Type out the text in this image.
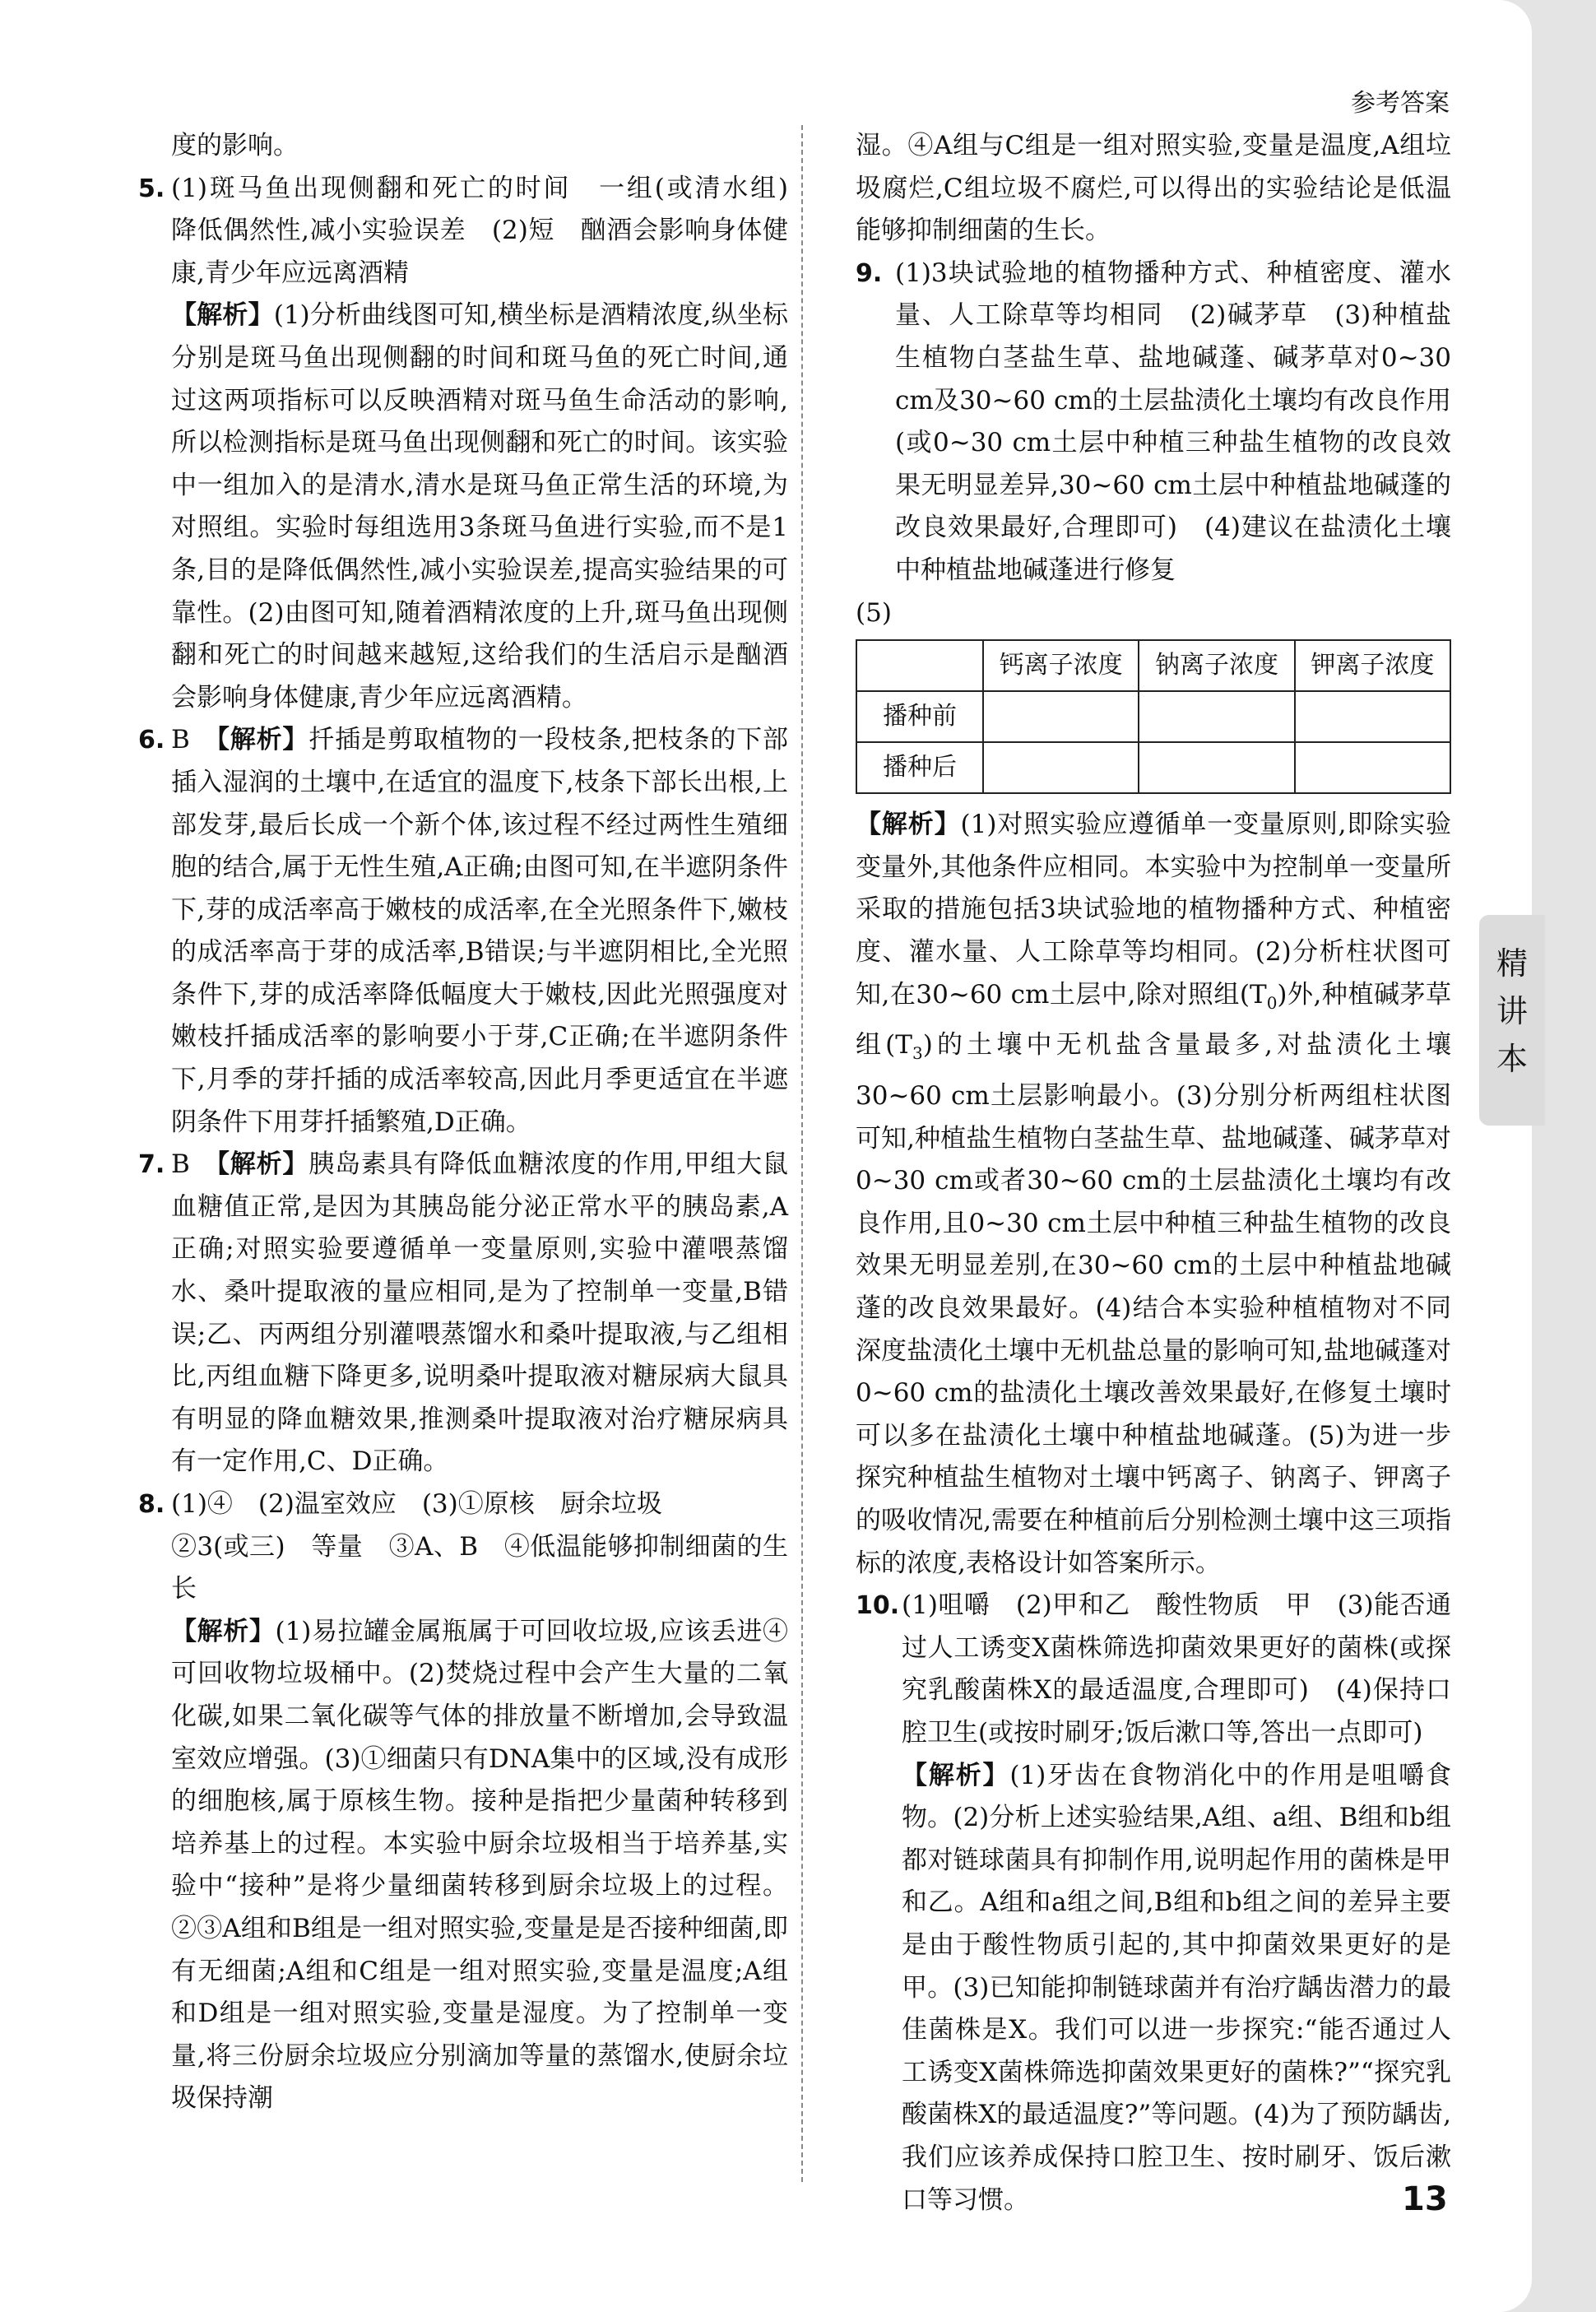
参考答案
度的影响。
5. (1)斑马鱼出现侧翻和死亡的时间　一组(或清水组)　降低偶然性,减小实验误差　(2)短　酗酒会影响身体健康,青少年应远离酒精
【解析】(1)分析曲线图可知,横坐标是酒精浓度,纵坐标分别是斑马鱼出现侧翻的时间和斑马鱼的死亡时间,通过这两项指标可以反映酒精对斑马鱼生命活动的影响,所以检测指标是斑马鱼出现侧翻和死亡的时间。该实验中一组加入的是清水,清水是斑马鱼正常生活的环境,为对照组。实验时每组选用3条斑马鱼进行实验,而不是1条,目的是降低偶然性,减小实验误差,提高实验结果的可靠性。(2)由图可知,随着酒精浓度的上升,斑马鱼出现侧翻和死亡的时间越来越短,这给我们的生活启示是酗酒会影响身体健康,青少年应远离酒精。
6. B　【解析】扦插是剪取植物的一段枝条,把枝条的下部插入湿润的土壤中,在适宜的温度下,枝条下部长出根,上部发芽,最后长成一个新个体,该过程不经过两性生殖细胞的结合,属于无性生殖,A正确;由图可知,在半遮阴条件下,芽的成活率高于嫩枝的成活率,在全光照条件下,嫩枝的成活率高于芽的成活率,B错误;与半遮阴相比,全光照条件下,芽的成活率降低幅度大于嫩枝,因此光照强度对嫩枝扦插成活率的影响要小于芽,C正确;在半遮阴条件下,月季的芽扦插的成活率较高,因此月季更适宜在半遮阴条件下用芽扦插繁殖,D正确。
7. B　【解析】胰岛素具有降低血糖浓度的作用,甲组大鼠血糖值正常,是因为其胰岛能分泌正常水平的胰岛素,A正确;对照实验要遵循单一变量原则,实验中灌喂蒸馏水、桑叶提取液的量应相同,是为了控制单一变量,B错误;乙、丙两组分别灌喂蒸馏水和桑叶提取液,与乙组相比,丙组血糖下降更多,说明桑叶提取液对糖尿病大鼠具有明显的降血糖效果,推测桑叶提取液对治疗糖尿病具有一定作用,C、D正确。
8. (1)④　(2)温室效应　(3)①原核　厨余垃圾
②3(或三)　等量　③A、B　④低温能够抑制细菌的生长
【解析】(1)易拉罐金属瓶属于可回收垃圾,应该丢进④可回收物垃圾桶中。(2)焚烧过程中会产生大量的二氧化碳,如果二氧化碳等气体的排放量不断增加,会导致温室效应增强。(3)①细菌只有DNA集中的区域,没有成形的细胞核,属于原核生物。接种是指把少量菌种转移到培养基上的过程。本实验中厨余垃圾相当于培养基,实验中“接种”是将少量细菌转移到厨余垃圾上的过程。②③A组和B组是一组对照实验,变量是是否接种细菌,即有无细菌;A组和C组是一组对照实验,变量是温度;A组和D组是一组对照实验,变量是湿度。为了控制单一变量,将三份厨余垃圾应分别滴加等量的蒸馏水,使厨余垃圾保持潮
湿。④A组与C组是一组对照实验,变量是温度,A组垃圾腐烂,C组垃圾不腐烂,可以得出的实验结论是低温能够抑制细菌的生长。
9. (1)3块试验地的植物播种方式、种植密度、灌水量、人工除草等均相同　(2)碱茅草　(3)种植盐生植物白茎盐生草、盐地碱蓬、碱茅草对0~30 cm及30~60 cm的土层盐渍化土壤均有改良作用(或0~30 cm土层中种植三种盐生植物的改良效果无明显差异,30~60 cm土层中种植盐地碱蓬的改良效果最好,合理即可)　(4)建议在盐渍化土壤中种植盐地碱蓬进行修复
(5)
	钙离子浓度	钠离子浓度	钾离子浓度
播种前			
播种后			
【解析】(1)对照实验应遵循单一变量原则,即除实验变量外,其他条件应相同。本实验中为控制单一变量所采取的措施包括3块试验地的植物播种方式、种植密度、灌水量、人工除草等均相同。(2)分析柱状图可知,在30~60 cm土层中,除对照组$(T_0)$外,种植碱茅草组$(T_3)$的土壤中无机盐含量最多,对盐渍化土壤30~60 cm土层影响最小。(3)分别分析两组柱状图可知,种植盐生植物白茎盐生草、盐地碱蓬、碱茅草对0~30 cm或者30~60 cm的土层盐渍化土壤均有改良作用,且0~30 cm土层中种植三种盐生植物的改良效果无明显差别,在30~60 cm的土层中种植盐地碱蓬的改良效果最好。(4)结合本实验种植植物对不同深度盐渍化土壤中无机盐总量的影响可知,盐地碱蓬对0~60 cm的盐渍化土壤改善效果最好,在修复土壤时可以多在盐渍化土壤中种植盐地碱蓬。(5)为进一步探究种植盐生植物对土壤中钙离子、钠离子、钾离子的吸收情况,需要在种植前后分别检测土壤中这三项指标的浓度,表格设计如答案所示。
10. (1)咀嚼　(2)甲和乙　酸性物质　甲　(3)能否通过人工诱变X菌株筛选抑菌效果更好的菌株(或探究乳酸菌株X的最适温度,合理即可)　(4)保持口腔卫生(或按时刷牙;饭后漱口等,答出一点即可)
【解析】(1)牙齿在食物消化中的作用是咀嚼食物。(2)分析上述实验结果,A组、a组、B组和b组都对链球菌具有抑制作用,说明起作用的菌株是甲和乙。A组和a组之间,B组和b组之间的差异主要是由于酸性物质引起的,其中抑菌效果更好的是甲。(3)已知能抑制链球菌并有治疗龋齿潜力的最佳菌株是X。我们可以进一步探究:“能否通过人工诱变X菌株筛选抑菌效果更好的菌株?”“探究乳酸菌株X的最适温度?”等问题。(4)为了预防龋齿,我们应该养成保持口腔卫生、按时刷牙、饭后漱口等习惯。	13
精
讲
本
